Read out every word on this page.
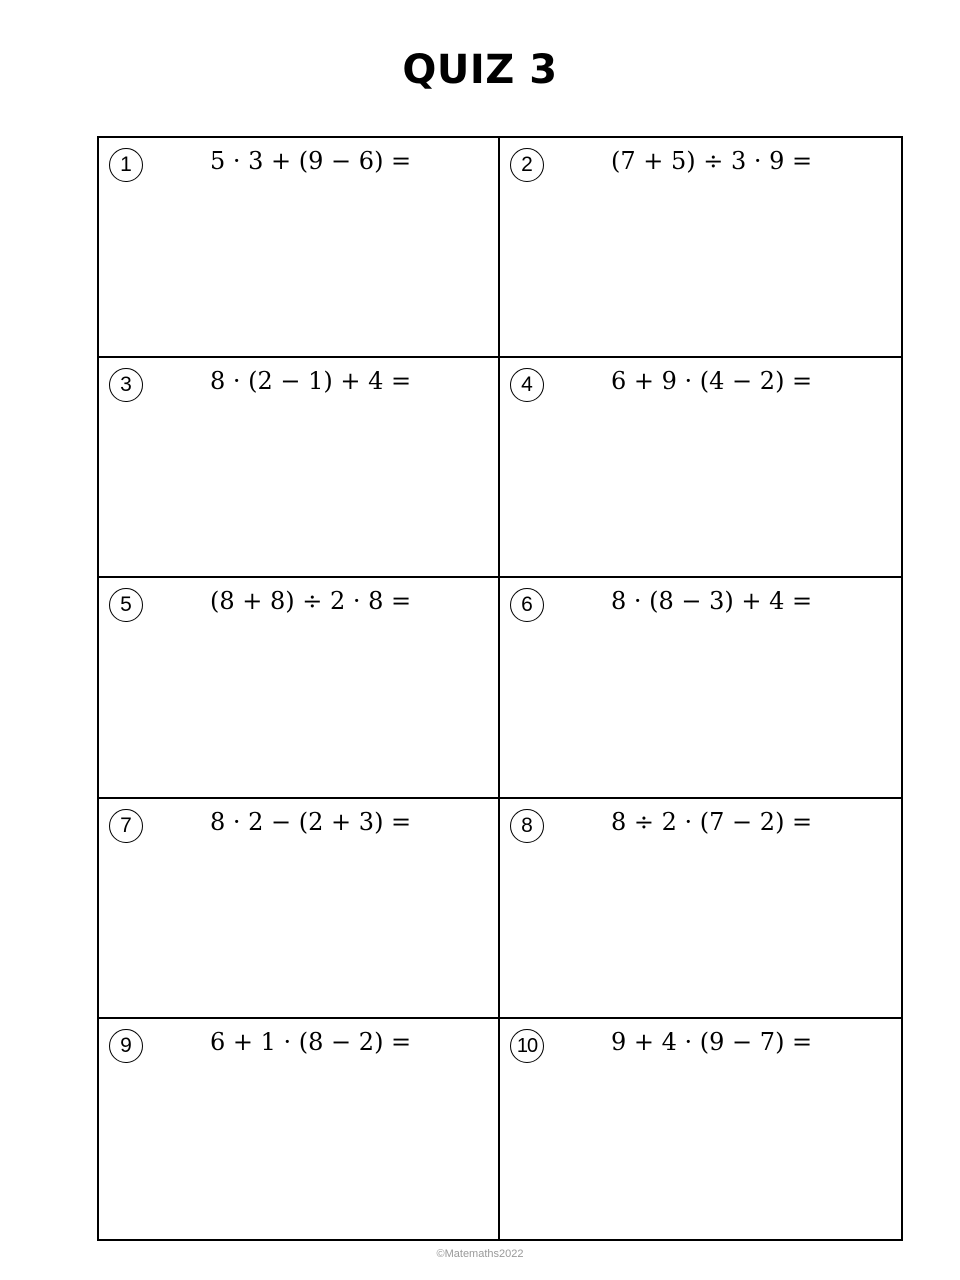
QUIZ 3
1	5 · 3 + (9 − 6) =	2	(7 + 5) ÷ 3 · 9 =
3	8 · (2 − 1) + 4 =	4	6 + 9 · (4 − 2) =
5	(8 + 8) ÷ 2 · 8 =	6	8 · (8 − 3) + 4 =
7	8 · 2 − (2 + 3) =	8	8 ÷ 2 · (7 − 2) =
9	6 + 1 · (8 − 2) =	10	9 + 4 · (9 − 7) =
©Matemaths2022
